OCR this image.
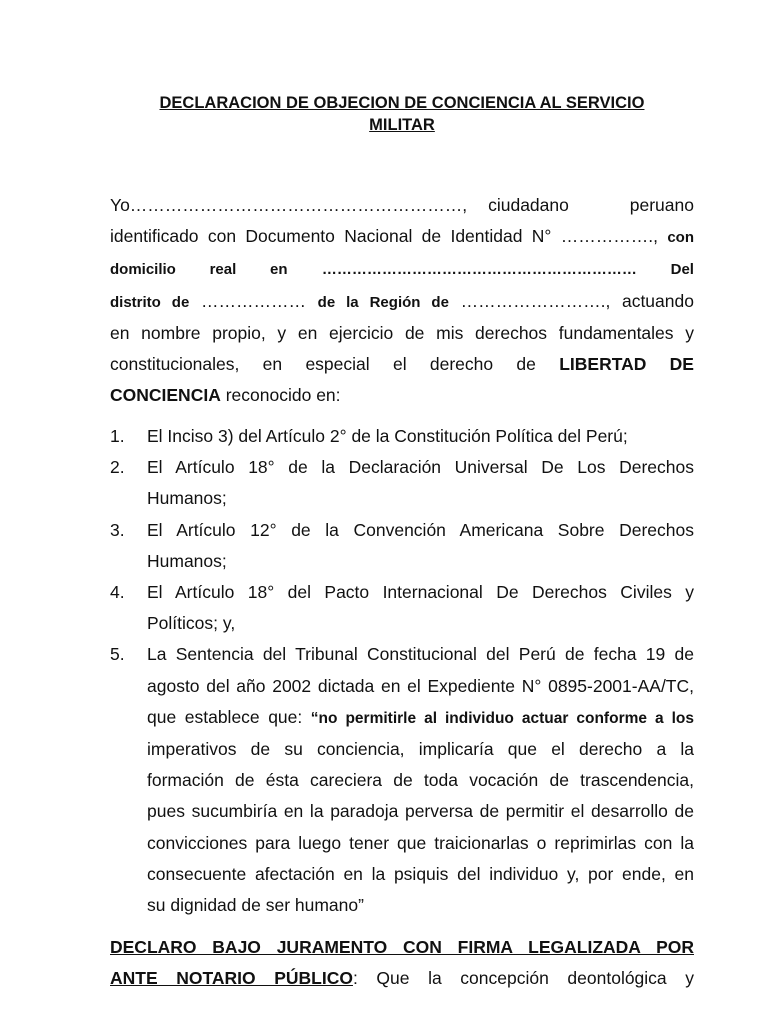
DECLARACION DE OBJECION DE CONCIENCIA AL SERVICIO
MILITAR
Yo…………………………………………………, ciudadano peruano
identificado con Documento Nacional de Identidad N° ……………., con
domicilio real en ……………………………………………………… Del
distrito de ……………… de la Región de ……………………., actuando
en nombre propio, y en ejercicio de mis derechos fundamentales y
constitucionales, en especial el derecho de LIBERTAD DE
CONCIENCIA reconocido en:
1. El Inciso 3) del Artículo 2° de la Constitución Política del Perú;
2. El Artículo 18° de la Declaración Universal De Los Derechos
Humanos;
3. El Artículo 12° de la Convención Americana Sobre Derechos
Humanos;
4. El Artículo 18° del Pacto Internacional De Derechos Civiles y
Políticos; y,
5. La Sentencia del Tribunal Constitucional del Perú de fecha 19 de
agosto del año 2002 dictada en el Expediente N° 0895-2001-AA/TC,
que establece que: “no permitirle al individuo actuar conforme a los
imperativos de su conciencia, implicaría que el derecho a la
formación de ésta careciera de toda vocación de trascendencia,
pues sucumbiría en la paradoja perversa de permitir el desarrollo de
convicciones para luego tener que traicionarlas o reprimirlas con la
consecuente afectación en la psiquis del individuo y, por ende, en
su dignidad de ser humano”
DECLARO BAJO JURAMENTO CON FIRMA LEGALIZADA POR
ANTE NOTARIO PÚBLICO: Que la concepción deontológica y
